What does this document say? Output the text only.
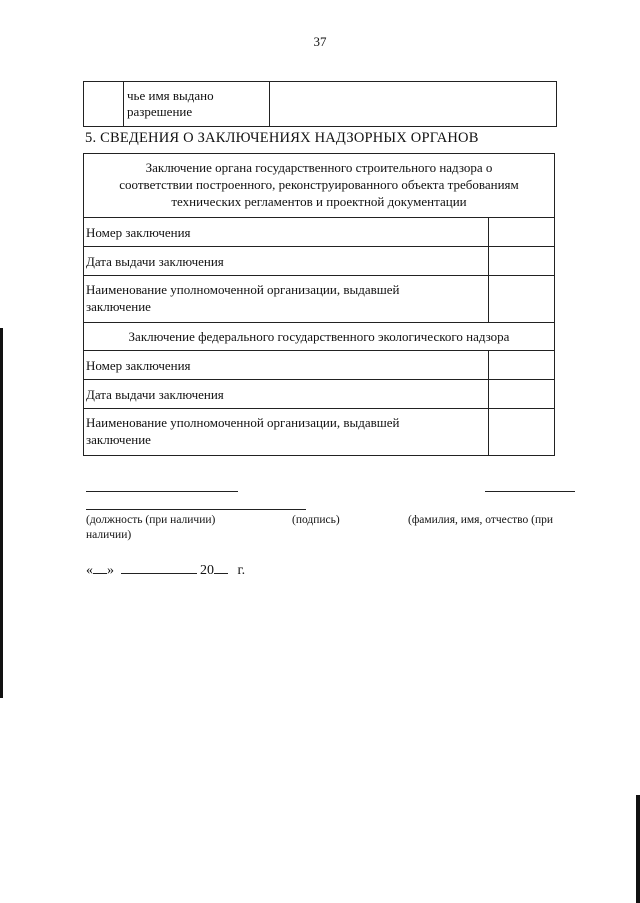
37
чье имя выдано
разрешение
5. СВЕДЕНИЯ О ЗАКЛЮЧЕНИЯХ НАДЗОРНЫХ ОРГАНОВ
Заключение органа государственного строительного надзора о
соответствии построенного, реконструированного объекта требованиям
технических регламентов и проектной документации
Номер заключения
Дата выдачи заключения
Наименование уполномоченной организации, выдавшей
заключение
Заключение федерального государственного экологического надзора
Номер заключения
Дата выдачи заключения
Наименование уполномоченной организации, выдавшей
заключение
(должность (при наличии)
наличии)
(подпись)	(фамилия, имя, отчество (при
« »	20 г.
